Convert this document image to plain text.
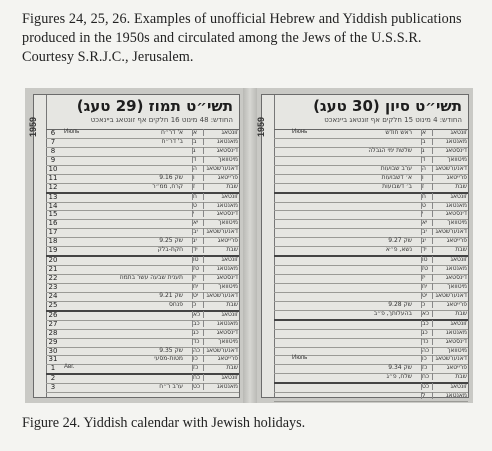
Figures 24, 25, 26. Examples of unofficial Hebrew and Yiddish publications produced in the 1950s and circulated among the Jews of the U.S.S.R. Courtesy S.R.J.C., Jerusalem.
1959
תשי״ט תמוז (29 טעג)
החודש: 48 מינוט 16 חלקים אף זונטאג ביינאכט
6	Июль	א' דר״ח א	זונטאג
7	ב' דר״ח ב	מאנטאג
8	ג	דינסטאג
9	ד	מיטוואך
10	ה	דאנערשטאג
11	שק 9.16 ו	פרייטאג
12	קרח, ממ״ר ז	שבת
13	ח	זונטאג
14	ט	מאנטאג
15	י	דינסטאג
16	יא	מיטוואך
17	יב	דאנערשטאג
18	שק 9.25 יג	פרייטאג
19	חקת-בלק יד	שבת
20	טו	זונטאג
21	טז	מאנטאג
22	תענית שבעה עשר בתמוז יז	דינסטאג
23	יח	מיטוואך
24	שק 9.21 יט	דאנערשטאג
25	פנחס כ	שבת
26	כא	זונטאג
27	כב	מאנטאג
28	כג	דינסטאג
29	כד	מיטוואך
30	שק 9.35 כה	דאנערשטאג
31	מטות-מסעי כו	פרייטאג
1	Авг.	כז	שבת
2	כח	זונטאג
3	ערב ר״ח כט	מאנטאג
1959
תשי״ט סיון (30 טעג)
החודש: 4 מינוט 15 חלקים אף זונטאג ביינאכט
Июнь	ראש חודש א	זונטאג
ב	מאנטאג
שלשת ימי הגבלה ג	דינסטאג
ד	מיטוואך
ערב שבועות ה	דאנערשטאג
א׳ דשבועות ו	פרייטאג
ב׳ דשבועות ז	שבת
ח	זונטאג
ט	מאנטאג
י	דינסטאג
יא	מיטוואך
יב	דאנערשטאג
שק 9.27 יג	פרייטאג
נשא, פ״א יד	שבת
טו	זונטאג
טז	מאנטאג
יז	דינסטאג
יח	מיטוואך
יט	דאנערשטאג
שק 9.28 כ	פרייטאג
בהעלותך, פ״ב כא	שבת
כב	זונטאג
כג	מאנטאג
כד	דינסטאג
כה	מיטוואך
Июль	כו	דאנערשטאג
שק 9.34 כז	פרייטאג
שלח, פ״ג כח	שבת
כט	זונטאג
ל	מאנטאג
Figure 24. Yiddish calendar with Jewish holidays.
